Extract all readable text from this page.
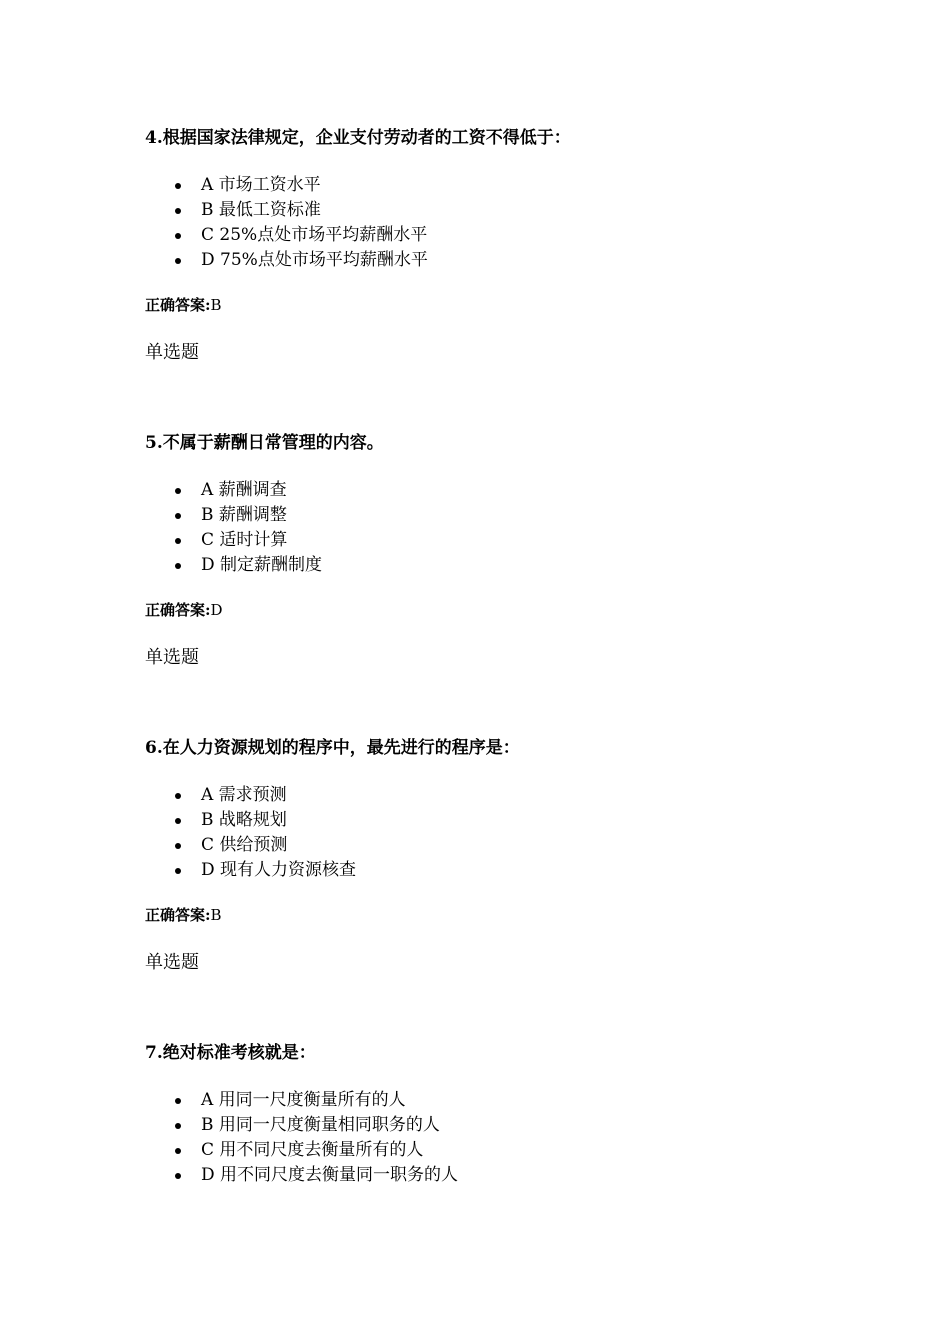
4.根据国家法律规定，企业支付劳动者的工资不得低于：

A 市场工资水平
B 最低工资标准
C 25%点处市场平均薪酬水平
D 75%点处市场平均薪酬水平
正确答案:B
单选题

5.不属于薪酬日常管理的内容。

A 薪酬调查
B 薪酬调整
C 适时计算
D 制定薪酬制度
正确答案:D
单选题

6.在人力资源规划的程序中，最先进行的程序是：

A 需求预测
B 战略规划
C 供给预测
D 现有人力资源核查
正确答案:B
单选题

7.绝对标准考核就是：

A 用同一尺度衡量所有的人
B 用同一尺度衡量相同职务的人
C 用不同尺度去衡量所有的人
D 用不同尺度去衡量同一职务的人
